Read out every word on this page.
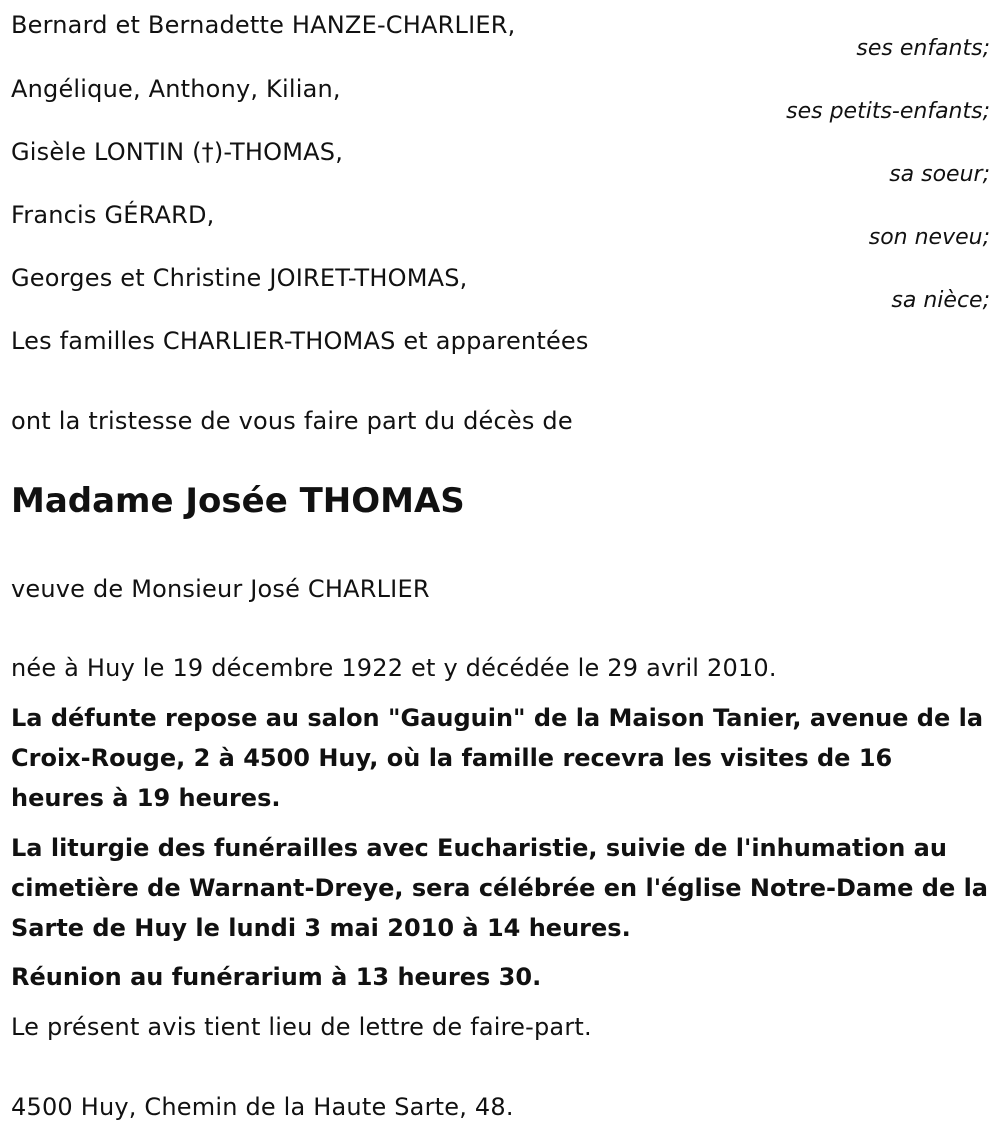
Bernard et Bernadette HANZE-CHARLIER,
ses enfants;
Angélique, Anthony, Kilian,
ses petits-enfants;
Gisèle LONTIN (†)-THOMAS,
sa soeur;
Francis GÉRARD,
son neveu;
Georges et Christine JOIRET-THOMAS,
sa nièce;
Les familles CHARLIER-THOMAS et apparentées
ont la tristesse de vous faire part du décès de
Madame Josée THOMAS
veuve de Monsieur José CHARLIER
née à Huy le 19 décembre 1922 et y décédée le 29 avril 2010.
La défunte repose au salon "Gauguin" de la Maison Tanier, avenue de la Croix-Rouge, 2 à 4500 Huy, où la famille recevra les visites de 16 heures à 19 heures.
La liturgie des funérailles avec Eucharistie, suivie de l'inhumation au cimetière de Warnant-Dreye, sera célébrée en l'église Notre-Dame de la Sarte de Huy le lundi 3 mai 2010 à 14 heures.
Réunion au funérarium à 13 heures 30.
Le présent avis tient lieu de lettre de faire-part.
4500 Huy, Chemin de la Haute Sarte, 48.
